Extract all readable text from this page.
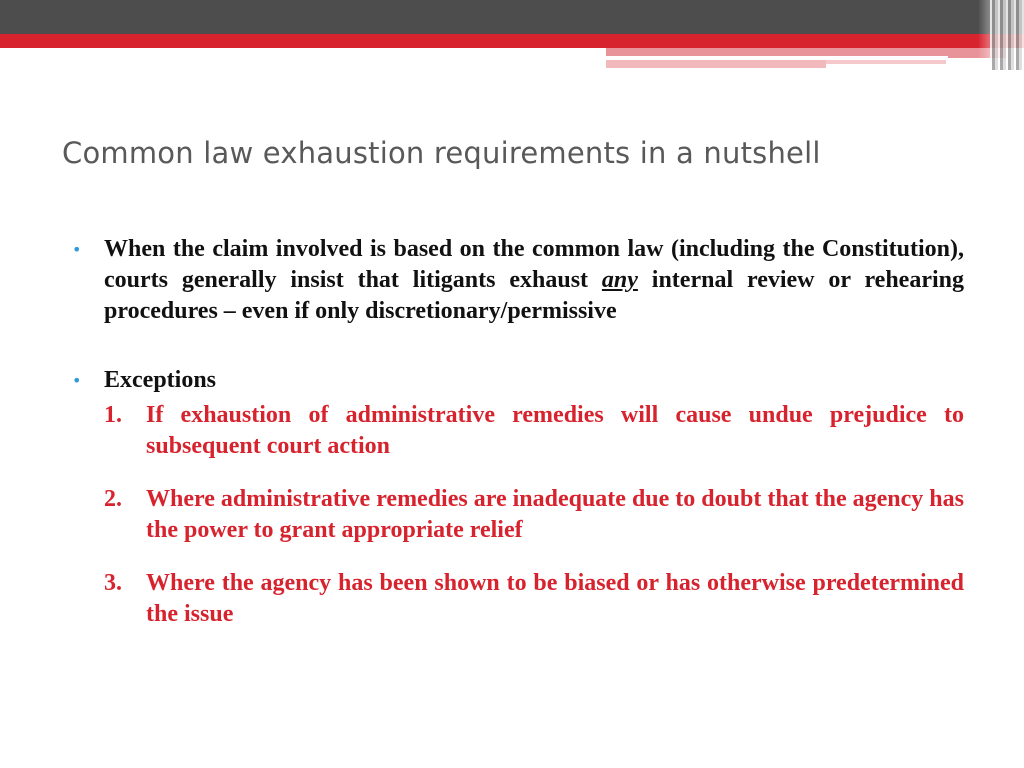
Common law exhaustion requirements in a nutshell
• When the claim involved is based on the common law (including the Constitution), courts generally insist that litigants exhaust any internal review or rehearing procedures – even if only discretionary/permissive
• Exceptions
1. If exhaustion of administrative remedies will cause undue prejudice to subsequent court action
2. Where administrative remedies are inadequate due to doubt that the agency has the power to grant appropriate relief
3. Where the agency has been shown to be biased or has otherwise predetermined the issue
